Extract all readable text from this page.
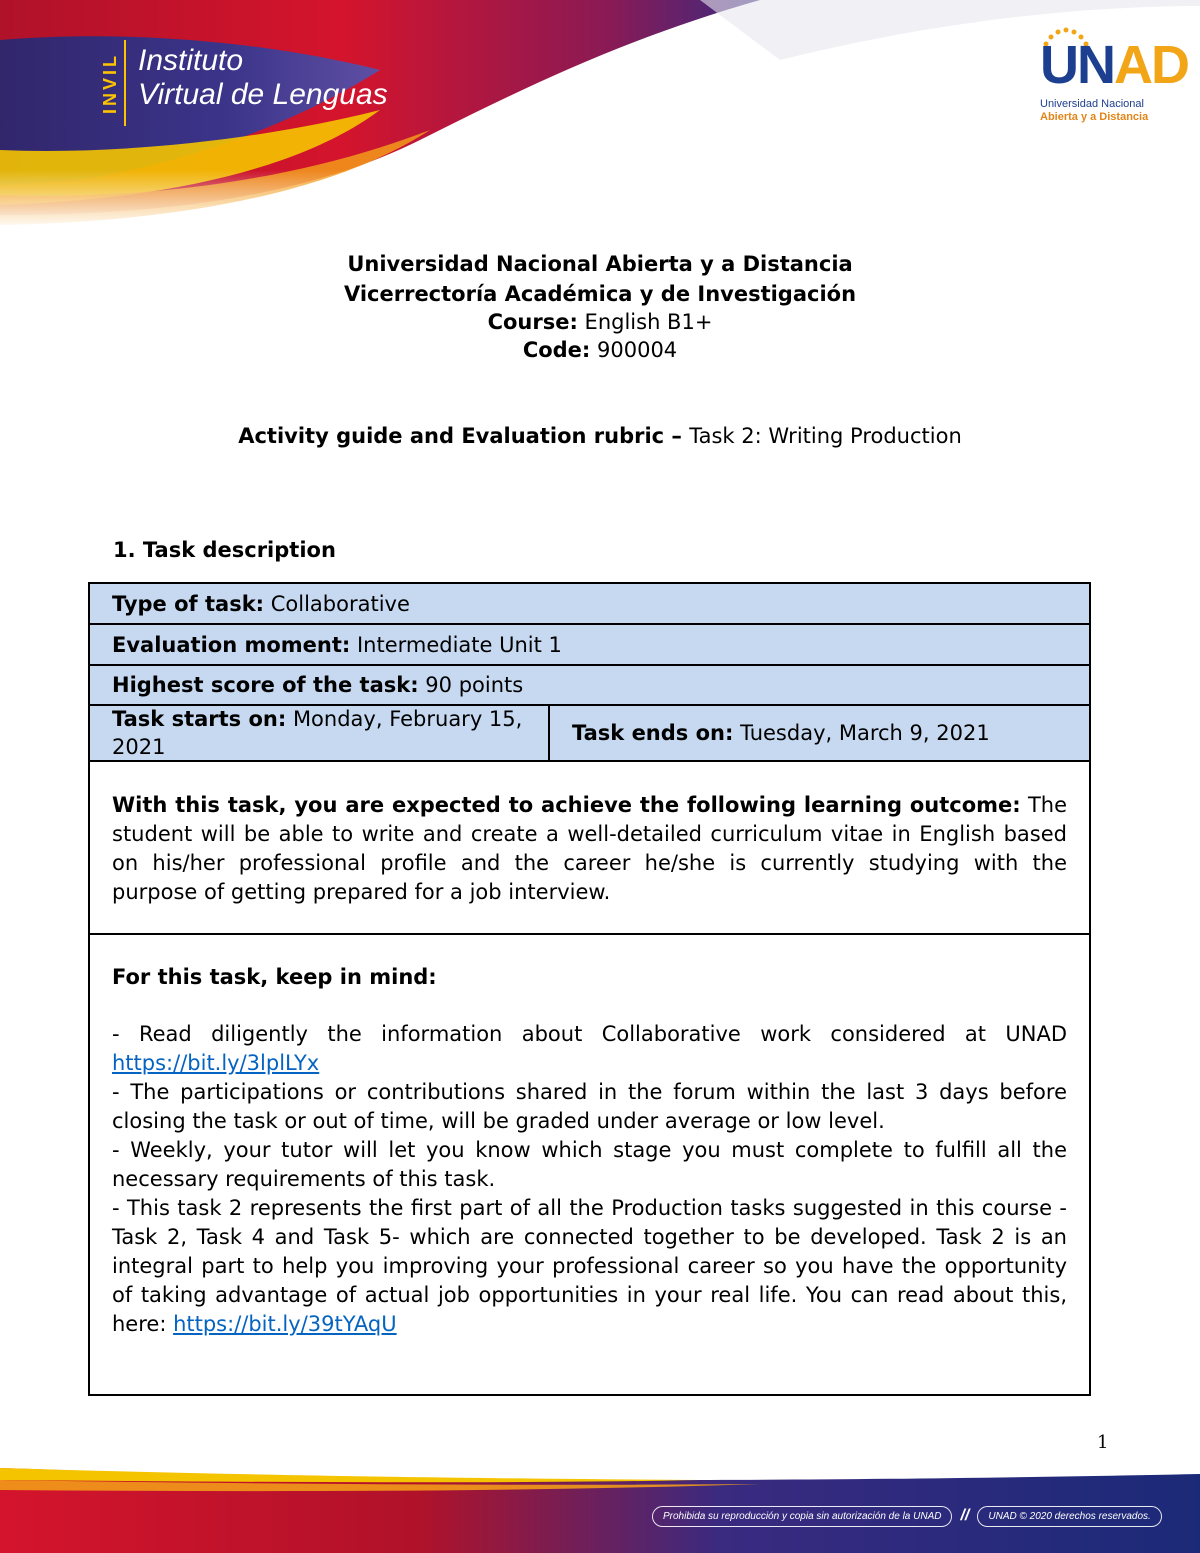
INVIL Instituto
Virtual de Lenguas	UNAD
Universidad Nacional
Abierta y a Distancia
Universidad Nacional Abierta y a Distancia
Vicerrectoría Académica y de Investigación
Course: English B1+
Code: 900004
Activity guide and Evaluation rubric – Task 2: Writing Production
1. Task description
Type of task: Collaborative
Evaluation moment: Intermediate Unit 1
Highest score of the task: 90 points
Task starts on: Monday, February 15, 2021
Task ends on: Tuesday, March 9, 2021
With this task, you are expected to achieve the following learning outcome: The student will be able to write and create a well-detailed curriculum vitae in English based on his/her professional profile and the career he/she is currently studying with the purpose of getting prepared for a job interview.
For this task, keep in mind:
- Read diligently the information about Collaborative work considered at UNAD https://bit.ly/3lplLYx
- The participations or contributions shared in the forum within the last 3 days before closing the task or out of time, will be graded under average or low level.
- Weekly, your tutor will let you know which stage you must complete to fulfill all the necessary requirements of this task.
- This task 2 represents the first part of all the Production tasks suggested in this course -Task 2, Task 4 and Task 5- which are connected together to be developed. Task 2 is an integral part to help you improving your professional career so you have the opportunity of taking advantage of actual job opportunities in your real life. You can read about this, here: https://bit.ly/39tYAqU
1
Prohibida su reproducción y copia sin autorización de la UNAD	//	UNAD © 2020 derechos reservados.
